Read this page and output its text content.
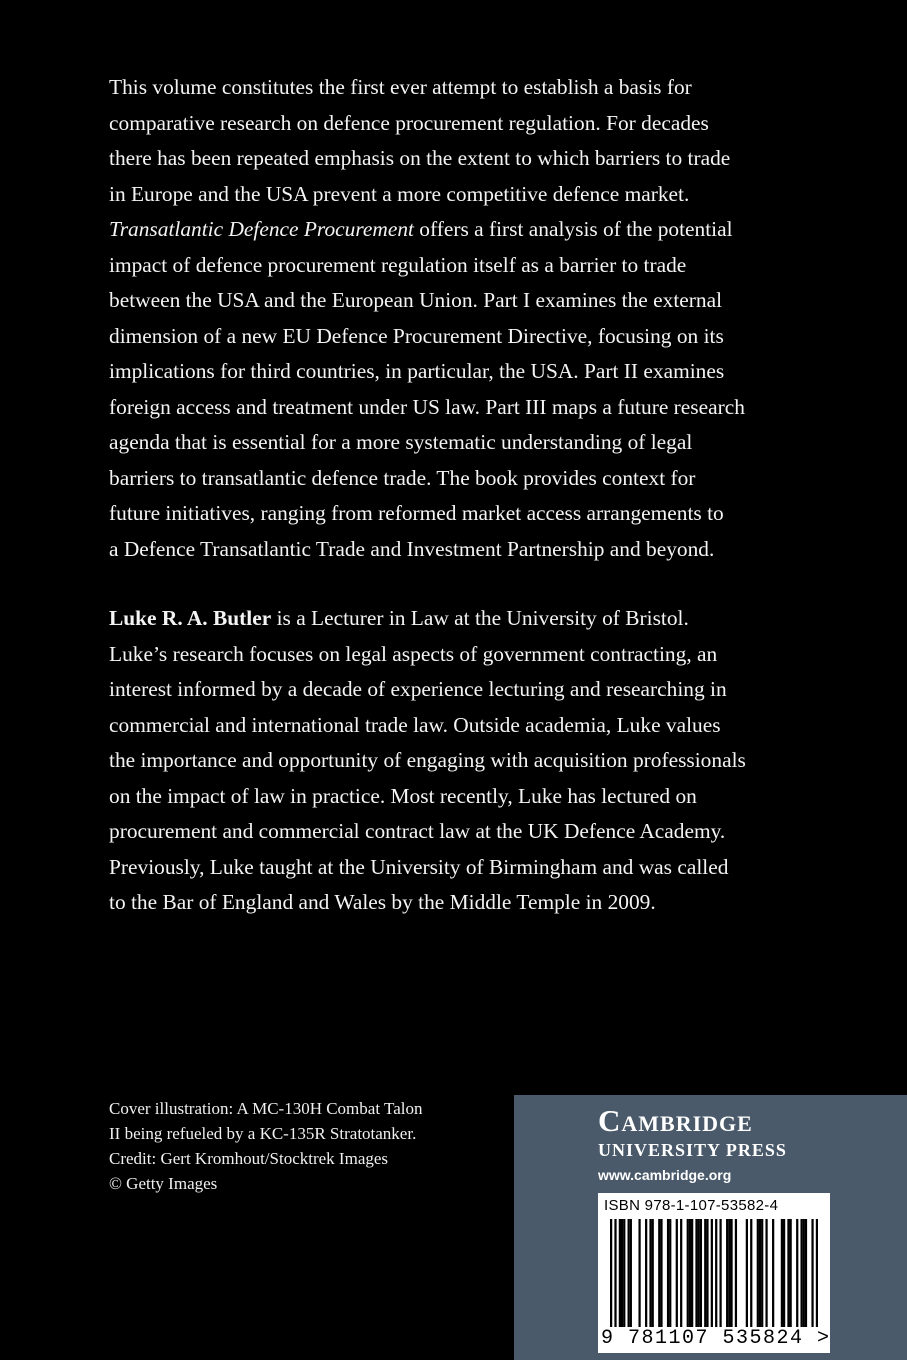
This volume constitutes the first ever attempt to establish a basis for
comparative research on defence procurement regulation. For decades
there has been repeated emphasis on the extent to which barriers to trade
in Europe and the USA prevent a more competitive defence market.
Transatlantic Defence Procurement offers a first analysis of the potential
impact of defence procurement regulation itself as a barrier to trade
between the USA and the European Union. Part I examines the external
dimension of a new EU Defence Procurement Directive, focusing on its
implications for third countries, in particular, the USA. Part II examines
foreign access and treatment under US law. Part III maps a future research
agenda that is essential for a more systematic understanding of legal
barriers to transatlantic defence trade. The book provides context for
future initiatives, ranging from reformed market access arrangements to
a Defence Transatlantic Trade and Investment Partnership and beyond.
Luke R. A. Butler is a Lecturer in Law at the University of Bristol.
Luke’s research focuses on legal aspects of government contracting, an
interest informed by a decade of experience lecturing and researching in
commercial and international trade law. Outside academia, Luke values
the importance and opportunity of engaging with acquisition professionals
on the impact of law in practice. Most recently, Luke has lectured on
procurement and commercial contract law at the UK Defence Academy.
Previously, Luke taught at the University of Birmingham and was called
to the Bar of England and Wales by the Middle Temple in 2009.
Cover illustration: A MC-130H Combat Talon
II being refueled by a KC-135R Stratotanker.
Credit: Gert Kromhout/Stocktrek Images
© Getty Images
Cambridge
UNIVERSITY PRESS
www.cambridge.org
ISBN 978-1-107-53582-4
9 781107 535824 >
